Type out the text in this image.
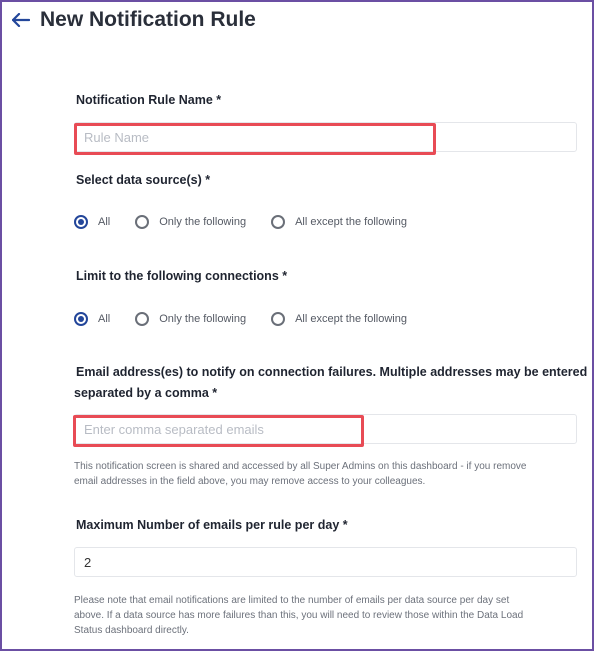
New Notification Rule
Notification Rule Name *
Rule Name
Select data source(s) *
All	Only the following	All except the following
Limit to the following connections *
All	Only the following	All except the following
Email address(es) to notify on connection failures. Multiple addresses may be entered
separated by a comma *
Enter comma separated emails
This notification screen is shared and accessed by all Super Admins on this dashboard - if you remove
email addresses in the field above, you may remove access to your colleagues.
Maximum Number of emails per rule per day *
2
Please note that email notifications are limited to the number of emails per data source per day set
above. If a data source has more failures than this, you will need to review those within the Data Load
Status dashboard directly.
